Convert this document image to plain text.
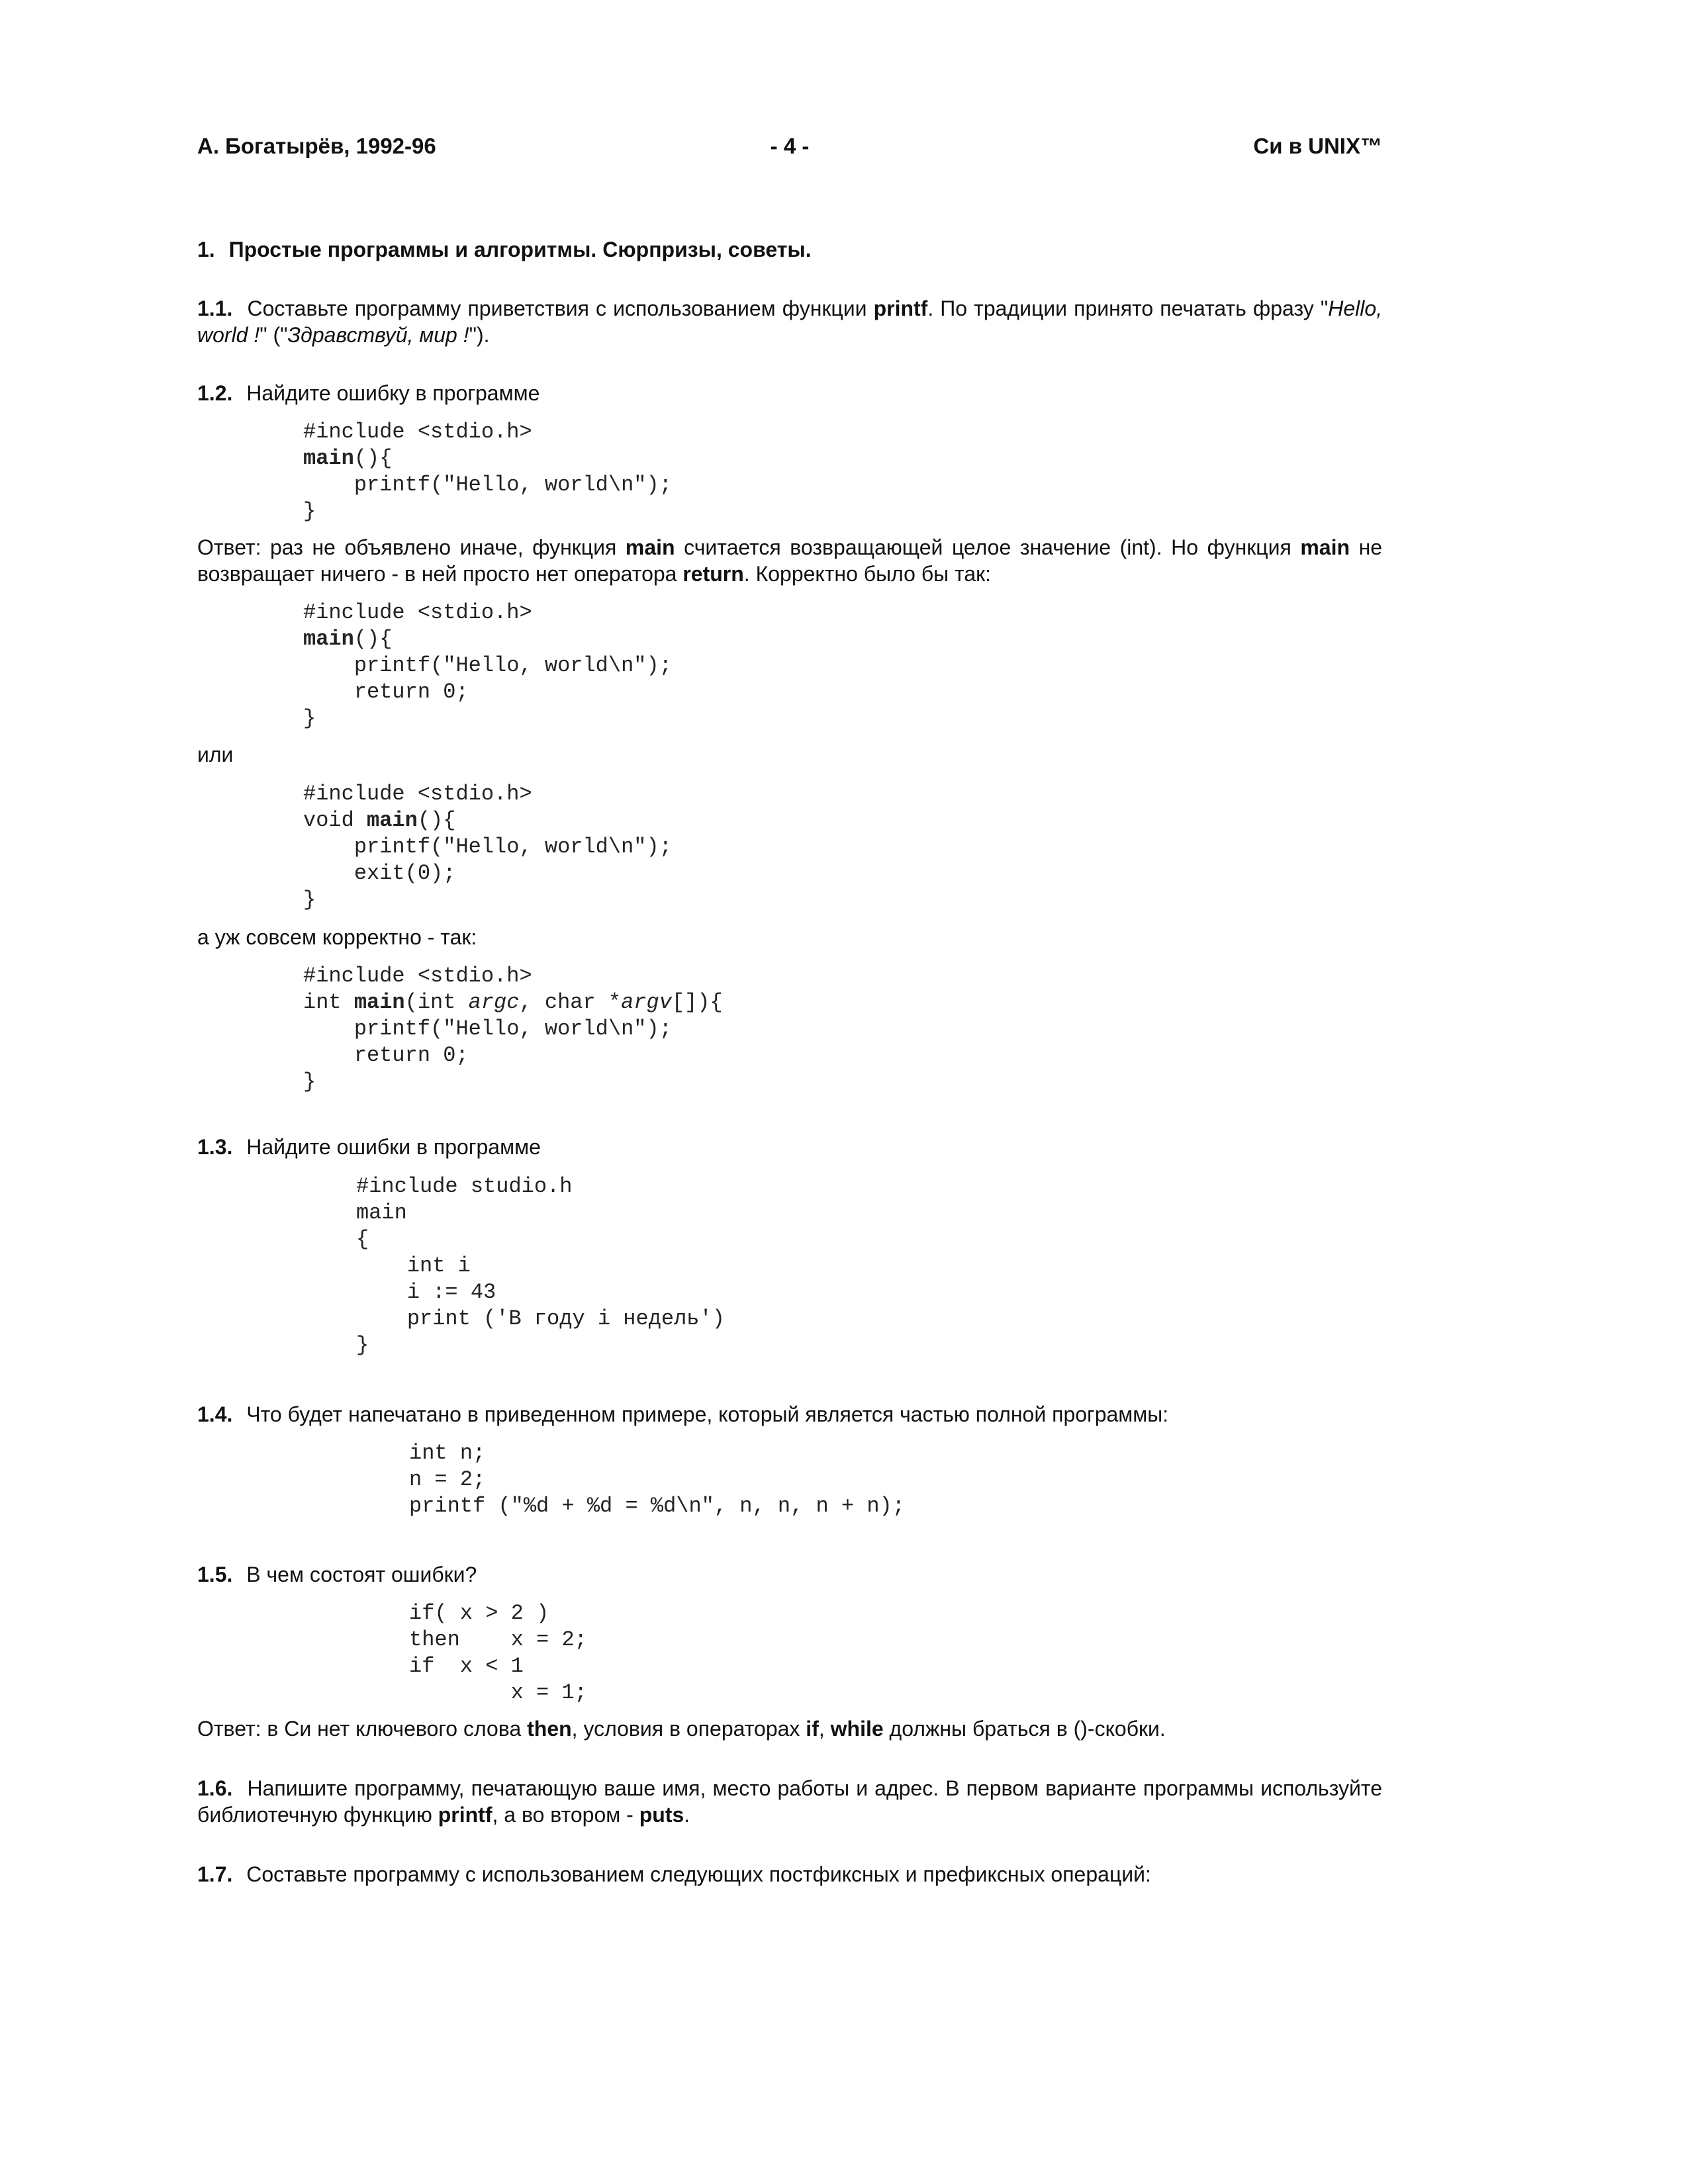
А. Богатырёв, 1992-96	- 4 -	Си в UNIX™
1. Простые программы и алгоритмы. Сюрпризы, советы.

1.1. Составьте программу приветствия с использованием функции printf. По традиции принято печатать фразу "Hello, world !" ("Здравствуй, мир !").

1.2. Найдите ошибку в программе
#include <stdio.h>
main(){
printf("Hello, world\n");
}

Ответ: раз не объявлено иначе, функция main считается возвращающей целое значение (int). Но функция main не возвращает ничего - в ней просто нет оператора return. Корректно было бы так:

#include <stdio.h>
main(){
printf("Hello, world\n");
return 0;
}
или
#include <stdio.h>
void main(){
printf("Hello, world\n");
exit(0);
}
а уж совсем корректно - так:
#include <stdio.h>
int main(int argc, char *argv[]){
printf("Hello, world\n");
return 0;
}
1.3. Найдите ошибки в программе
#include studio.h
main
{
int i
i := 43
print ('В году i недель')
}
1.4. Что будет напечатано в приведенном примере, который является частью полной программы:
int n;
n = 2;
printf ("%d + %d = %d\n", n, n, n + n);
1.5. В чем состоят ошибки?
if( x > 2 )
then    x = 2;
if  x < 1
x = 1;
Ответ: в Си нет ключевого слова then, условия в операторах if, while должны браться в ()-скобки.

1.6. Напишите программу, печатающую ваше имя, место работы и адрес. В первом варианте программы используйте библиотечную функцию printf, а во втором - puts.

1.7. Составьте программу с использованием следующих постфиксных и префиксных операций:
